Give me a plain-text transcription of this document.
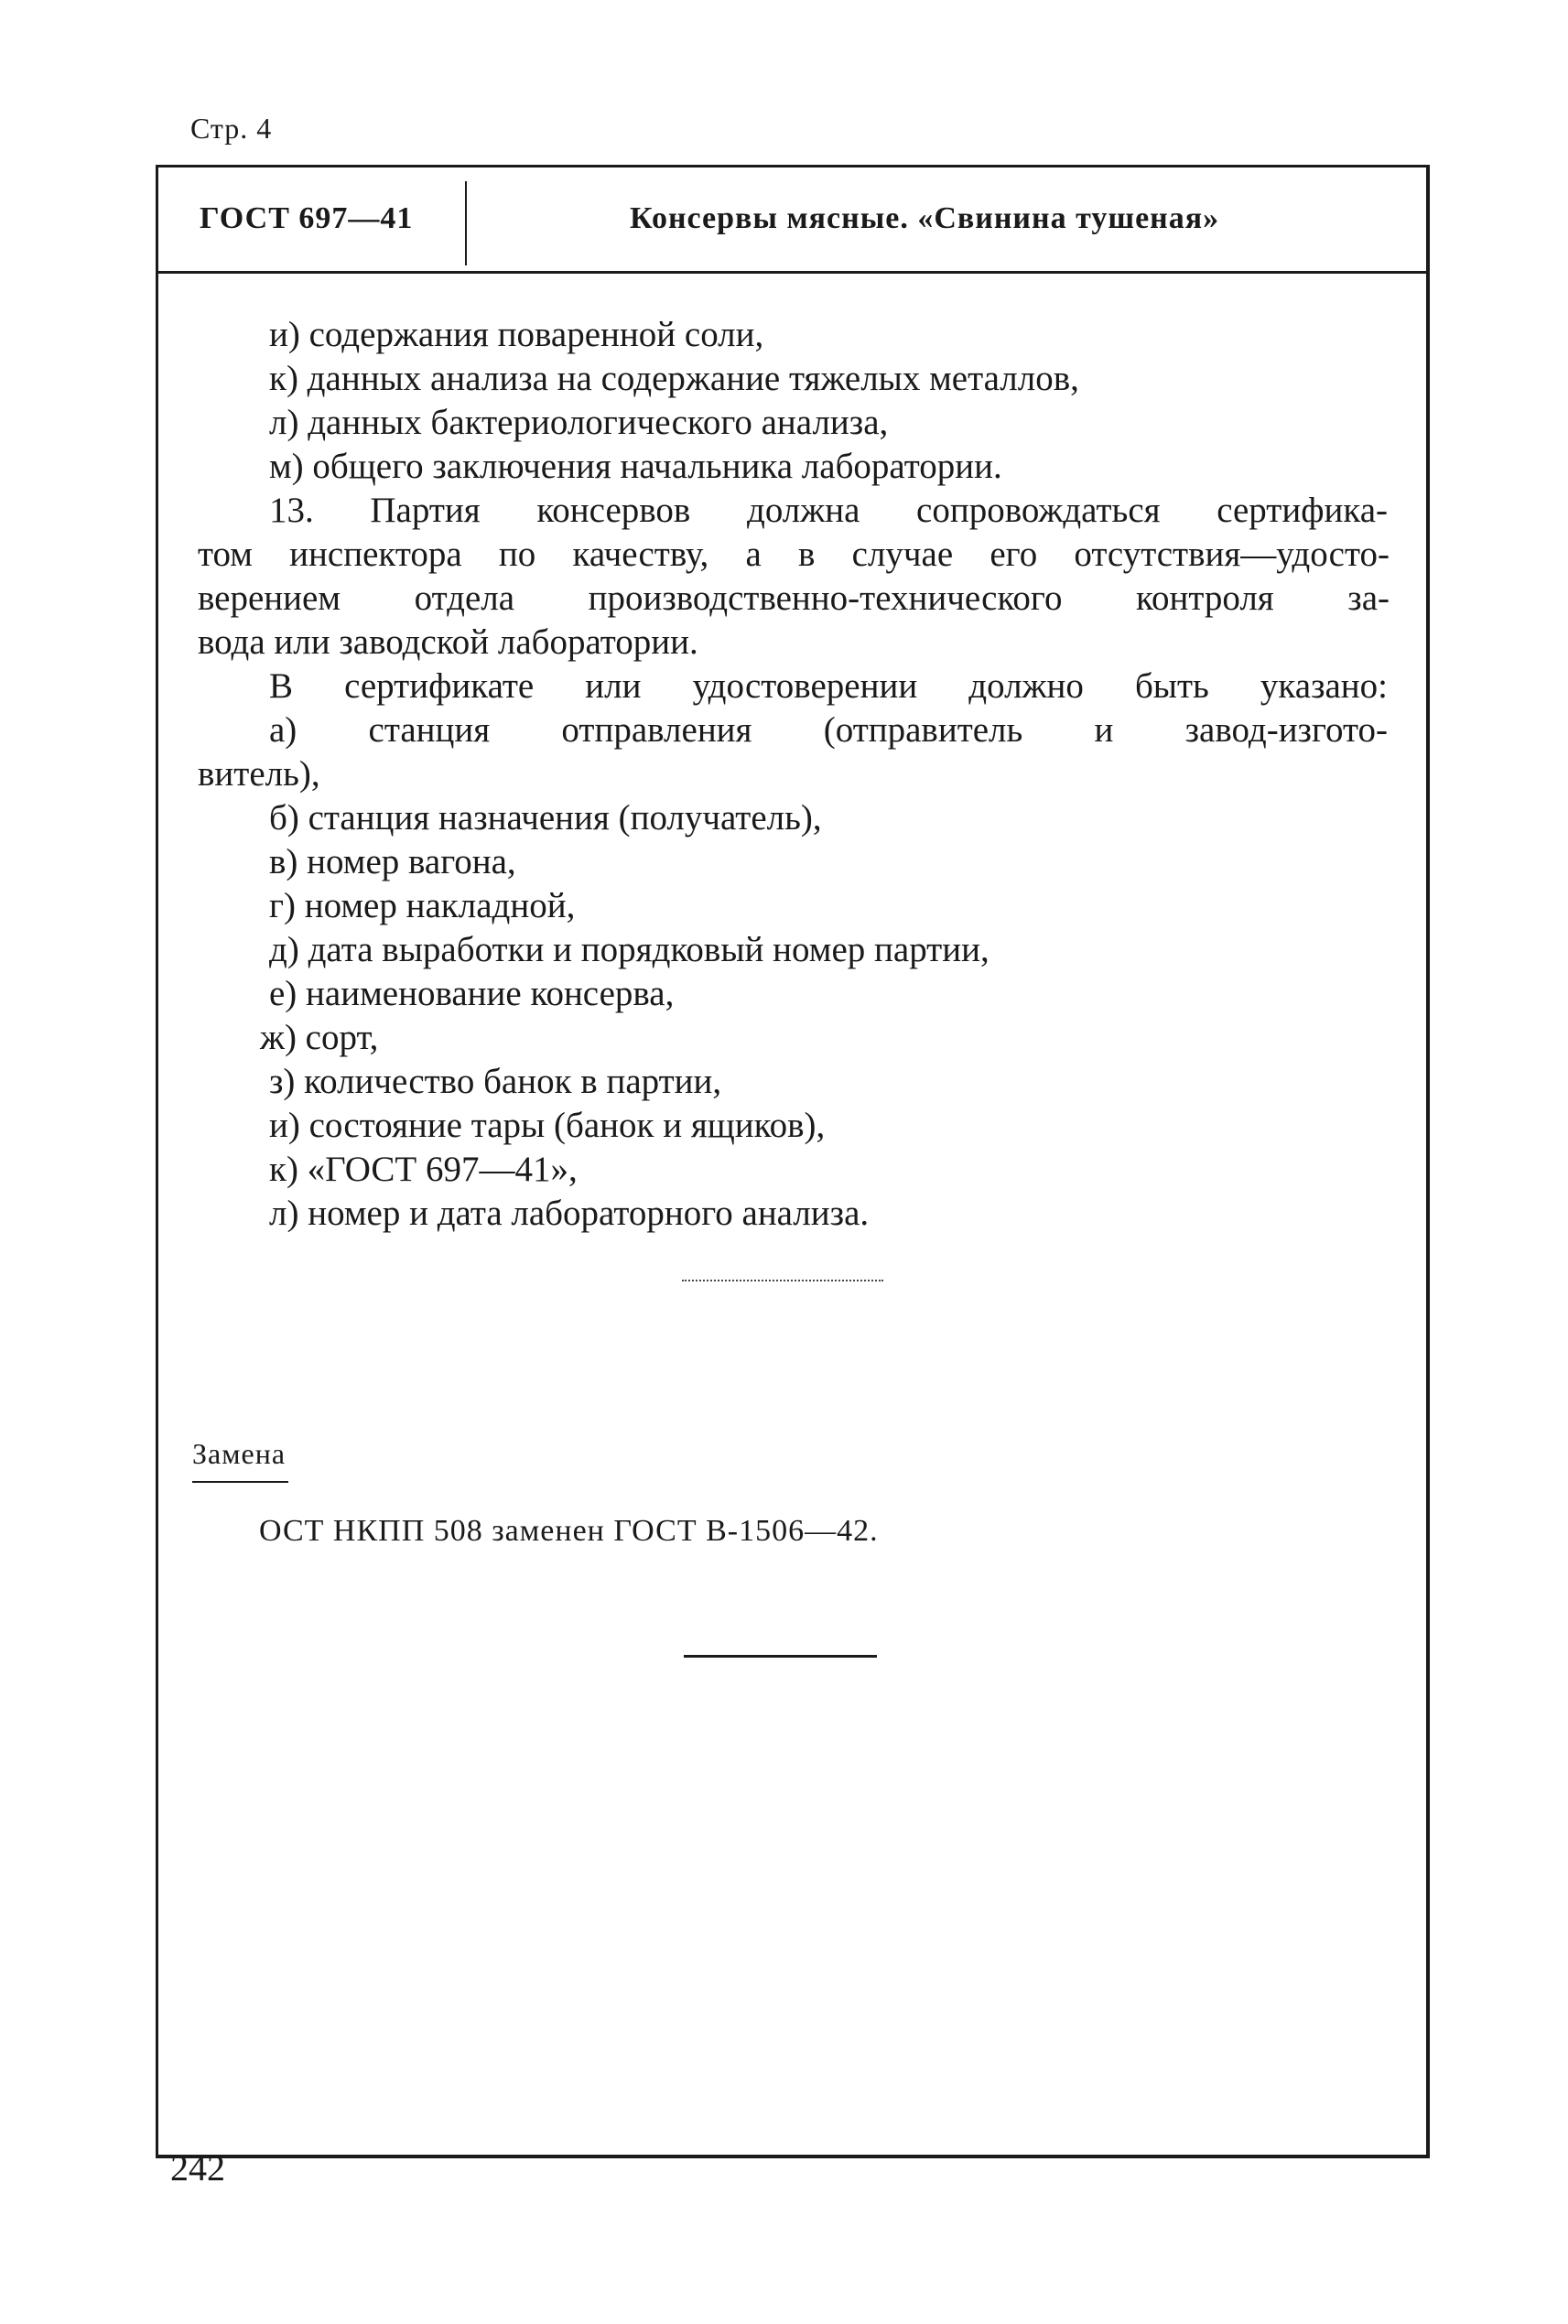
Стр. 4
ГОСТ 697—41	Консервы мясные. «Свинина тушеная»
и) содержания поваренной соли,
к) данных анализа на содержание тяжелых металлов,
л) данных бактериологического анализа,
м) общего заключения начальника лаборатории.
13. Партия консервов должна сопровождаться сертифика-
том инспектора по качеству, а в случае его отсутствия—удосто-
верением отдела производственно-технического контроля за-
вода или заводской лаборатории.
В сертификате или удостоверении должно быть указано:
а) станция отправления (отправитель и завод-изгото-
витель),
б) станция назначения (получатель),
в) номер вагона,
г) номер накладной,
д) дата выработки и порядковый номер партии,
е) наименование консерва,
ж) сорт,
з) количество банок в партии,
и) состояние тары (банок и ящиков),
к) «ГОСТ 697—41»,
л) номер и дата лабораторного анализа.
Замена
ОСТ НКПП 508 заменен ГОСТ В-1506—42.
242
